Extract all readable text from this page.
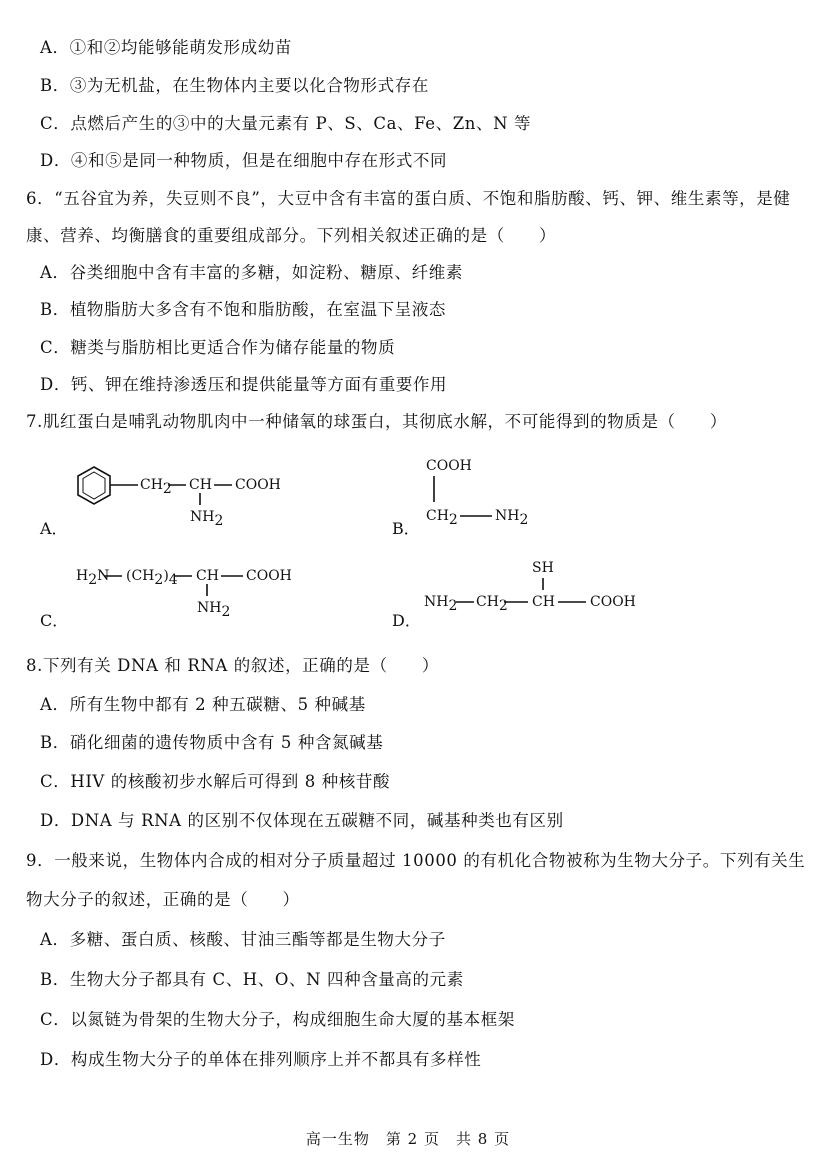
A．①和②均能够能萌发形成幼苗
B．③为无机盐，在生物体内主要以化合物形式存在
C．点燃后产生的③中的大量元素有 P、S、Ca、Fe、Zn、N 等
D．④和⑤是同一种物质，但是在细胞中存在形式不同
6．“五谷宜为养，失豆则不良”，大豆中含有丰富的蛋白质、不饱和脂肪酸、钙、钾、维生素等，是健
康、营养、均衡膳食的重要组成部分。下列相关叙述正确的是（　　）
A．谷类细胞中含有丰富的多糖，如淀粉、糖原、纤维素
B．植物脂肪大多含有不饱和脂肪酸，在室温下呈液态
C．糖类与脂肪相比更适合作为储存能量的物质
D．钙、钾在维持渗透压和提供能量等方面有重要作用
7.肌红蛋白是哺乳动物肌肉中一种储氧的球蛋白，其彻底水解，不可能得到的物质是（　　）
A．	B．
C．	D．
CH2 CH COOH
NH2
COOH
CH2	NH2
H2N (CH2)4 CH COOH
NH2
SH
NH2 CH2 CH	COOH
8.下列有关 DNA 和 RNA 的叙述，正确的是（　　）
A．所有生物中都有 2 种五碳糖、5 种碱基
B．硝化细菌的遗传物质中含有 5 种含氮碱基
C．HIV 的核酸初步水解后可得到 8 种核苷酸
D．DNA 与 RNA 的区别不仅体现在五碳糖不同，碱基种类也有区别
9．一般来说，生物体内合成的相对分子质量超过 10000 的有机化合物被称为生物大分子。下列有关生
物大分子的叙述，正确的是（　　）
A．多糖、蛋白质、核酸、甘油三酯等都是生物大分子
B．生物大分子都具有 C、H、O、N 四种含量高的元素
C．以氮链为骨架的生物大分子，构成细胞生命大厦的基本框架
D．构成生物大分子的单体在排列顺序上并不都具有多样性
高一生物　第 2 页　共 8 页
